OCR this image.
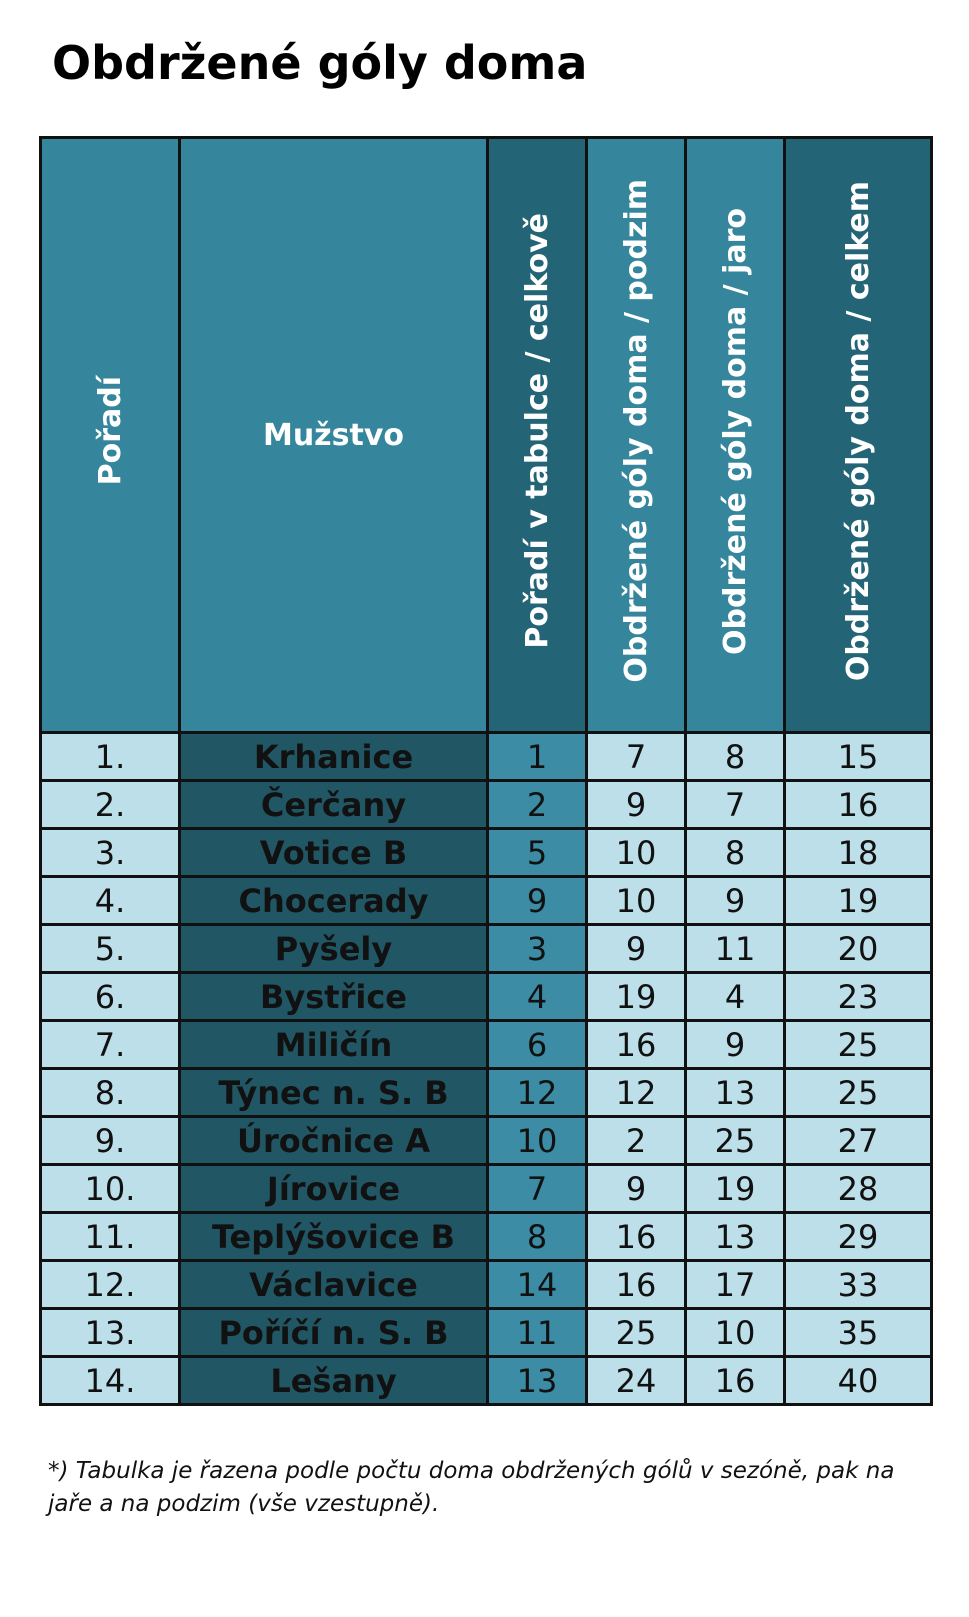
Obdržené góly doma
Pořadí	Mužstvo	Pořadí v tabulce / celkově	Obdržené góly doma / podzim	Obdržené góly doma / jaro	Obdržené góly doma / celkem
1.	Krhanice	1	7	8	15
2.	Čerčany	2	9	7	16
3.	Votice B	5	10	8	18
4.	Chocerady	9	10	9	19
5.	Pyšely	3	9	11	20
6.	Bystřice	4	19	4	23
7.	Miličín	6	16	9	25
8.	Týnec n. S. B	12	12	13	25
9.	Úročnice A	10	2	25	27
10.	Jírovice	7	9	19	28
11.	Teplýšovice B	8	16	13	29
12.	Václavice	14	16	17	33
13.	Poříčí n. S. B	11	25	10	35
14.	Lešany	13	24	16	40

*) Tabulka je řazena podle počtu doma obdržených gólů v sezóně, pak na jaře a na podzim (vše vzestupně).
